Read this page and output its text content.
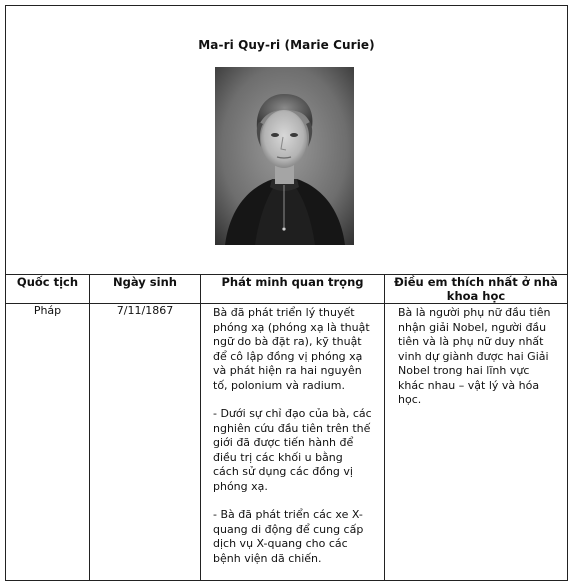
Ma-ri Quy-ri (Marie Curie)			

Quốc tịch	Ngày sinh	Phát minh quan trọng	Điều em thích nhất ở nhà khoa học
Pháp	7/11/1867	Bà đã phát triển lý thuyết phóng xạ (phóng xạ là thuật ngữ do bà đặt ra), kỹ thuật để cô lập đồng vị phóng xạ và phát hiện ra hai nguyên tố, polonium và radium.

- Dưới sự chỉ đạo của bà, các nghiên cứu đầu tiên trên thế giới đã được tiến hành để điều trị các khối u bằng cách sử dụng các đồng vị phóng xạ.

- Bà đã phát triển các xe X-quang di động để cung cấp dịch vụ X-quang cho các bệnh viện dã chiến.	Bà là người phụ nữ đầu tiên nhận giải Nobel, người đầu tiên và là phụ nữ duy nhất vinh dự giành được hai Giải Nobel trong hai lĩnh vực khác nhau – vật lý và hóa học.
